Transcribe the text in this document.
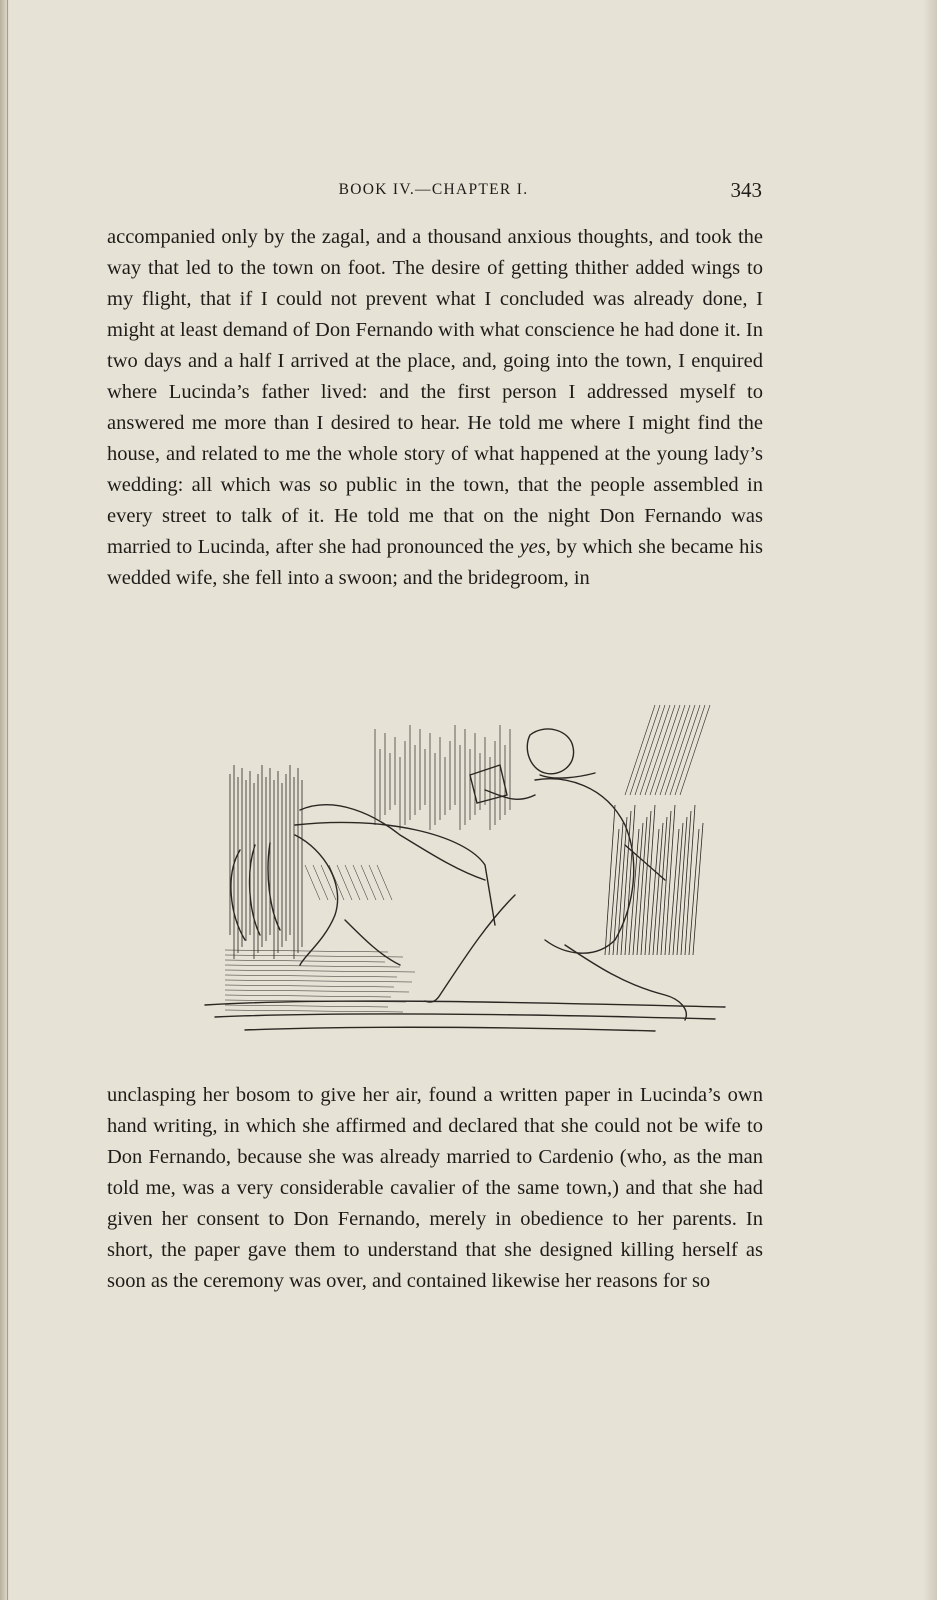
BOOK IV.—CHAPTER I.	343

accompanied only by the zagal, and a thousand anxious thoughts, and took the way that led to the town on foot. The desire of getting thither added wings to my flight, that if I could not prevent what I concluded was already done, I might at least demand of Don Fernando with what conscience he had done it. In two days and a half I arrived at the place, and, going into the town, I enquired where Lucinda’s father lived: and the first person I addressed myself to answered me more than I desired to hear. He told me where I might find the house, and related to me the whole story of what happened at the young lady’s wedding: all which was so public in the town, that the people assembled in every street to talk of it. He told me that on the night Don Fernando was married to Lucinda, after she had pronounced the yes, by which she became his wedded wife, she fell into a swoon; and the bridegroom, in

unclasping her bosom to give her air, found a written paper in Lucinda’s own hand writing, in which she affirmed and declared that she could not be wife to Don Fernando, because she was already married to Cardenio (who, as the man told me, was a very considerable cavalier of the same town,) and that she had given her consent to Don Fernando, merely in obedience to her parents. In short, the paper gave them to understand that she designed killing herself as soon as the ceremony was over, and contained likewise her reasons for so
